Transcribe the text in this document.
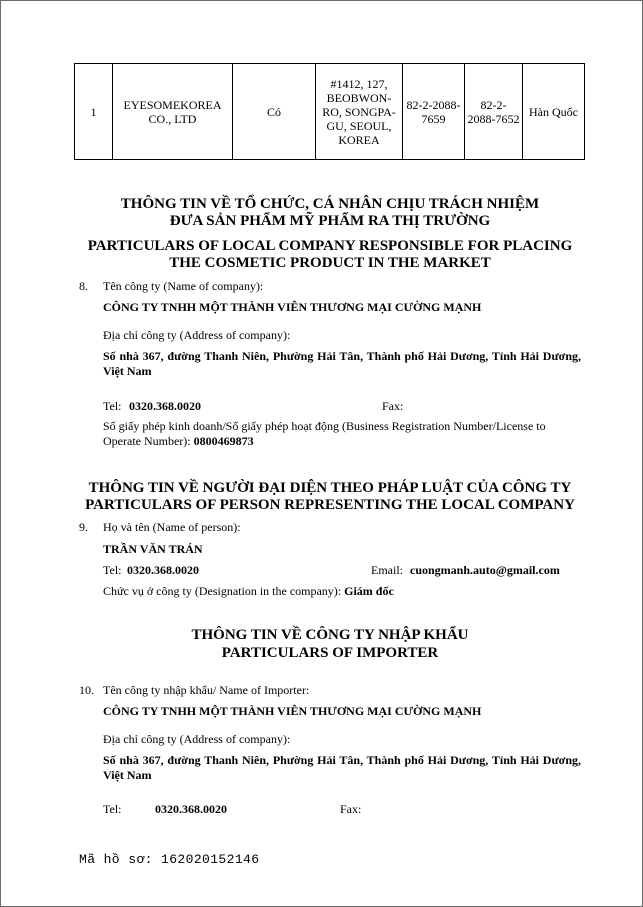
1	EYESOMEKOREA CO., LTD	Có	#1412, 127, BEOBWON-RO, SONGPA-GU, SEOUL, KOREA	82-2-2088-7659	82-2-2088-7652	Hàn Quốc
THÔNG TIN VỀ TỔ CHỨC, CÁ NHÂN CHỊU TRÁCH NHIỆM
ĐƯA SẢN PHẨM MỸ PHẨM RA THỊ TRƯỜNG
PARTICULARS OF LOCAL COMPANY RESPONSIBLE FOR PLACING
THE COSMETIC PRODUCT IN THE MARKET
8. Tên công ty (Name of company):
CÔNG TY TNHH MỘT THÀNH VIÊN THƯƠNG MẠI CƯỜNG MẠNH
Địa chỉ công ty (Address of company):
Số nhà 367, đường Thanh Niên, Phường Hải Tân, Thành phố Hải Dương, Tỉnh Hải Dương, Việt Nam
Tel: 0320.368.0020	Fax:
Số giấy phép kinh doanh/Số giấy phép hoạt động (Business Registration Number/License to Operate Number): 0800469873
THÔNG TIN VỀ NGƯỜI ĐẠI DIỆN THEO PHÁP LUẬT CỦA CÔNG TY
PARTICULARS OF PERSON REPRESENTING THE LOCAL COMPANY
9. Họ và tên (Name of person):
TRẦN VĂN TRÁN
Tel: 0320.368.0020	Email: cuongmanh.auto@gmail.com
Chức vụ ở công ty (Designation in the company): Giám đốc
THÔNG TIN VỀ CÔNG TY NHẬP KHẨU
PARTICULARS OF IMPORTER
10. Tên công ty nhập khẩu/ Name of Importer:
CÔNG TY TNHH MỘT THÀNH VIÊN THƯƠNG MẠI CƯỜNG MẠNH
Địa chỉ công ty (Address of company):
Số nhà 367, đường Thanh Niên, Phường Hải Tân, Thành phố Hải Dương, Tỉnh Hải Dương, Việt Nam
Tel:	0320.368.0020	Fax:
Mã hồ sơ: 162020152146
